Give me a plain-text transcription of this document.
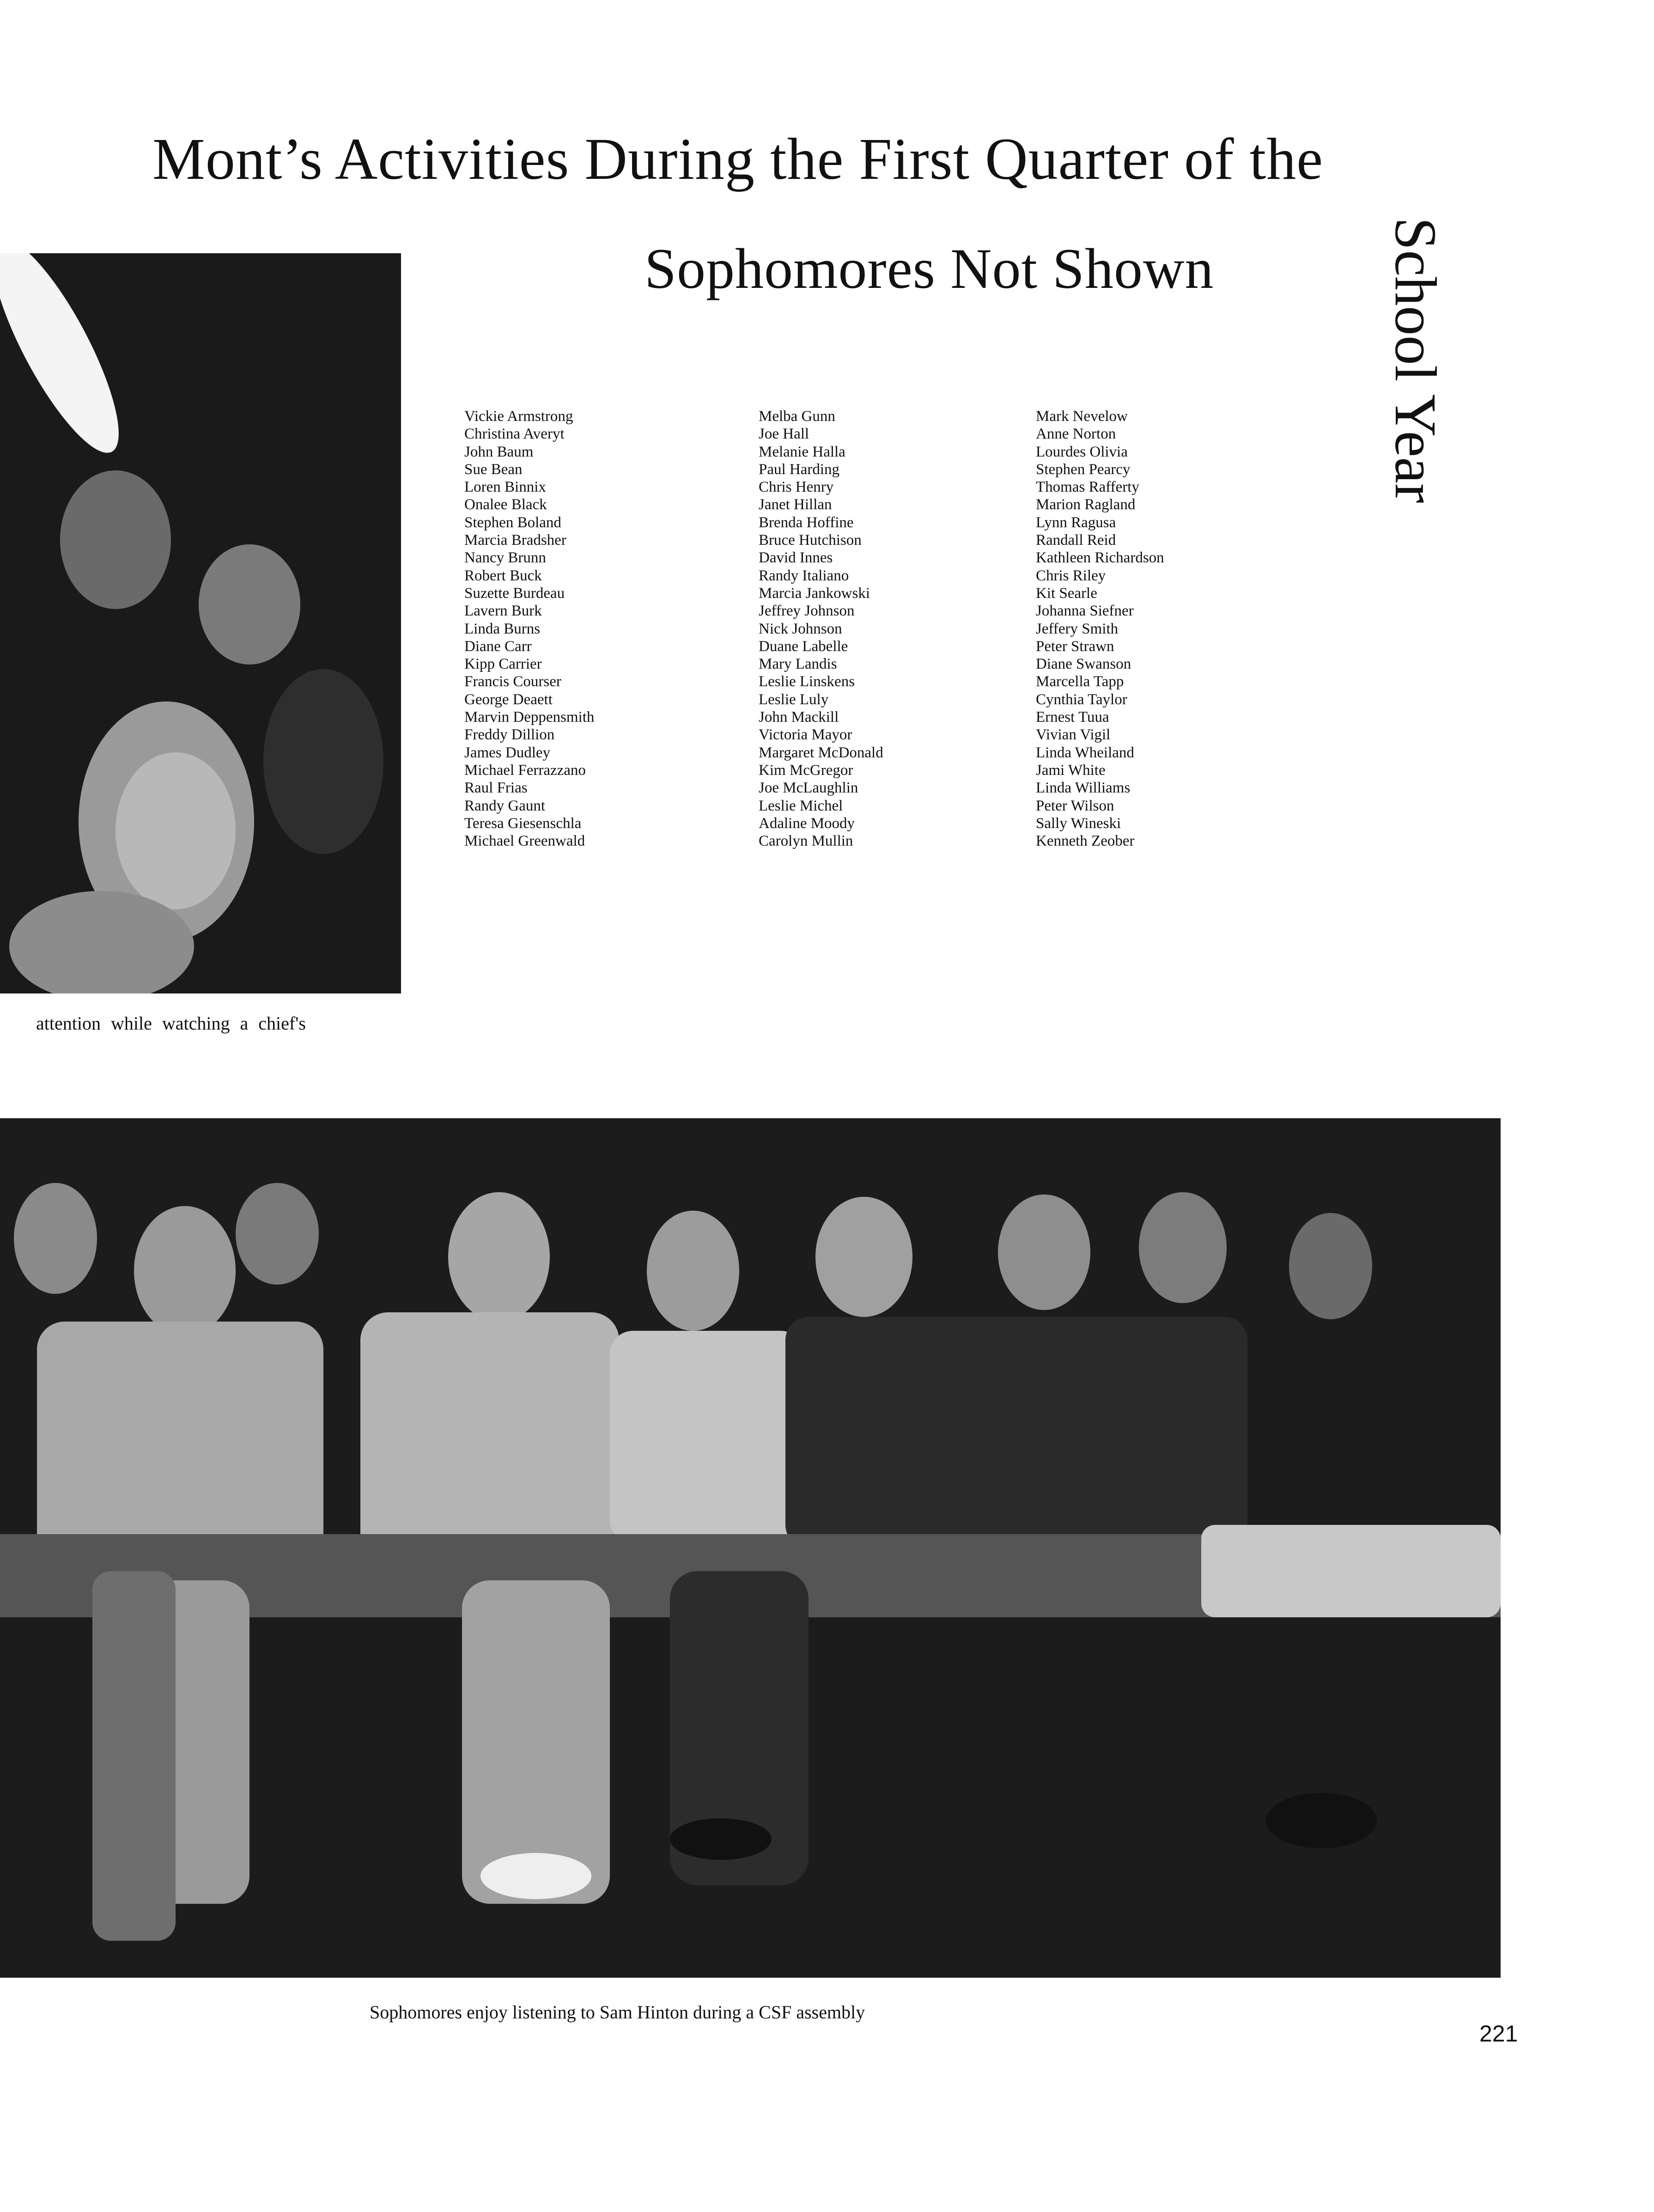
Mont’s Activities During the First Quarter of the
Sophomores Not Shown	School Year
attention while watching a chief's
Vickie Armstrong
Christina Averyt
John Baum
Sue Bean
Loren Binnix
Onalee Black
Stephen Boland
Marcia Bradsher
Nancy Brunn
Robert Buck
Suzette Burdeau
Lavern Burk
Linda Burns
Diane Carr
Kipp Carrier
Francis Courser
George Deaett
Marvin Deppensmith
Freddy Dillion
James Dudley
Michael Ferrazzano
Raul Frias
Randy Gaunt
Teresa Giesenschla
Michael Greenwald
Melba Gunn
Joe Hall
Melanie Halla
Paul Harding
Chris Henry
Janet Hillan
Brenda Hoffine
Bruce Hutchison
David Innes
Randy Italiano
Marcia Jankowski
Jeffrey Johnson
Nick Johnson
Duane Labelle
Mary Landis
Leslie Linskens
Leslie Luly
John Mackill
Victoria Mayor
Margaret McDonald
Kim McGregor
Joe McLaughlin
Leslie Michel
Adaline Moody
Carolyn Mullin
Mark Nevelow
Anne Norton
Lourdes Olivia
Stephen Pearcy
Thomas Rafferty
Marion Ragland
Lynn Ragusa
Randall Reid
Kathleen Richardson
Chris Riley
Kit Searle
Johanna Siefner
Jeffery Smith
Peter Strawn
Diane Swanson
Marcella Tapp
Cynthia Taylor
Ernest Tuua
Vivian Vigil
Linda Wheiland
Jami White
Linda Williams
Peter Wilson
Sally Wineski
Kenneth Zeober
Sophomores enjoy listening to Sam Hinton during a CSF assembly
221
